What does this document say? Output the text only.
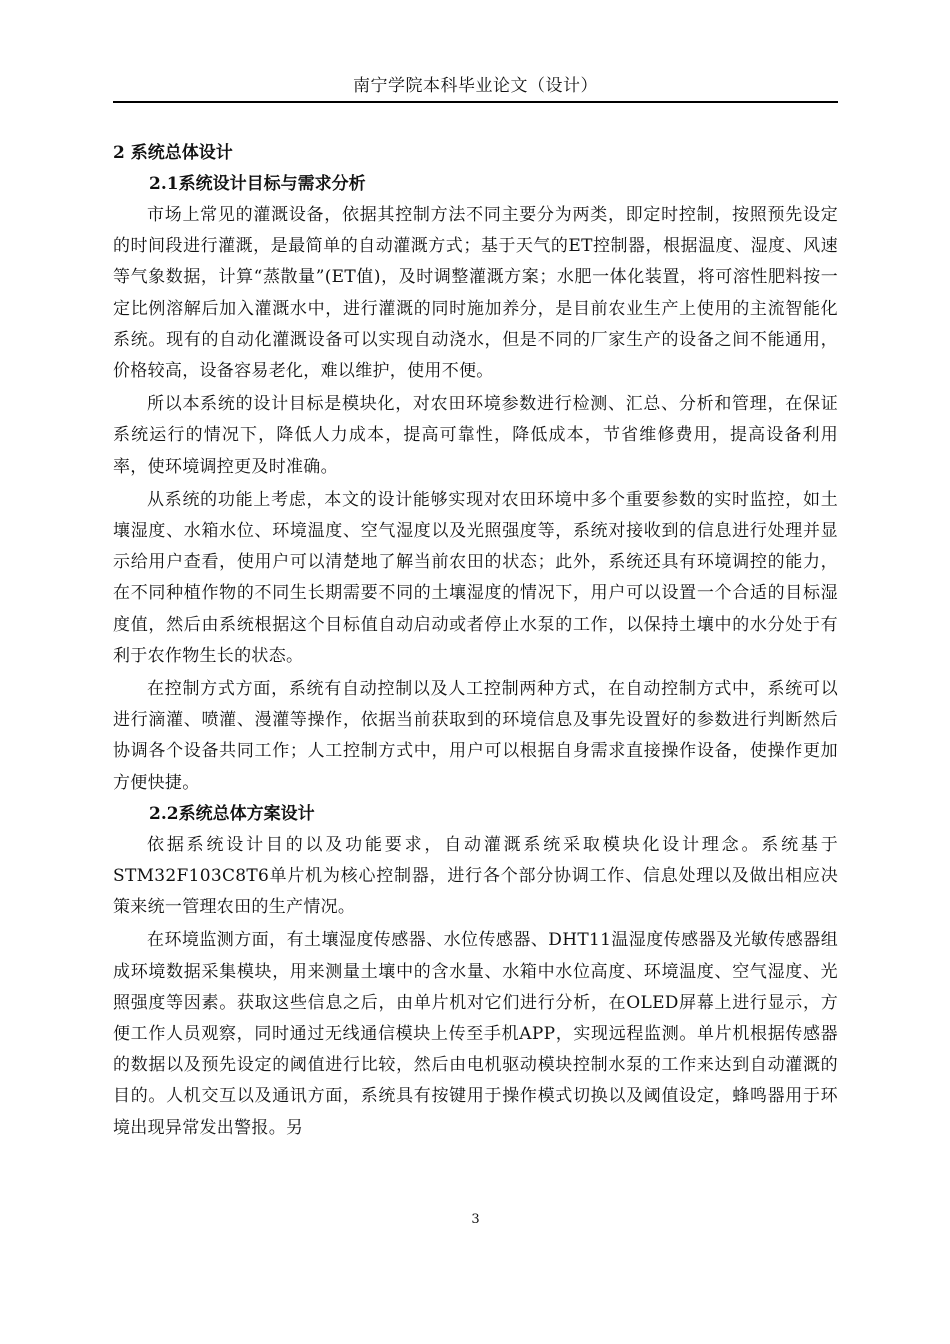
南宁学院本科毕业论文（设计）
2 系统总体设计
2.1系统设计目标与需求分析

市场上常见的灌溉设备，依据其控制方法不同主要分为两类，即定时控制，按照预先设定的时间段进行灌溉，是最简单的自动灌溉方式；基于天气的ET控制器，根据温度、湿度、风速等气象数据，计算“蒸散量”(ET值)，及时调整灌溉方案；水肥一体化装置，将可溶性肥料按一定比例溶解后加入灌溉水中，进行灌溉的同时施加养分，是目前农业生产上使用的主流智能化系统。现有的自动化灌溉设备可以实现自动浇水，但是不同的厂家生产的设备之间不能通用，价格较高，设备容易老化，难以维护，使用不便。

所以本系统的设计目标是模块化，对农田环境参数进行检测、汇总、分析和管理，在保证系统运行的情况下，降低人力成本，提高可靠性，降低成本，节省维修费用，提高设备利用率，使环境调控更及时准确。

从系统的功能上考虑，本文的设计能够实现对农田环境中多个重要参数的实时监控，如土壤湿度、水箱水位、环境温度、空气湿度以及光照强度等，系统对接收到的信息进行处理并显示给用户查看，使用户可以清楚地了解当前农田的状态；此外，系统还具有环境调控的能力，在不同种植作物的不同生长期需要不同的土壤湿度的情况下，用户可以设置一个合适的目标湿度值，然后由系统根据这个目标值自动启动或者停止水泵的工作，以保持土壤中的水分处于有利于农作物生长的状态。

在控制方式方面，系统有自动控制以及人工控制两种方式，在自动控制方式中，系统可以进行滴灌、喷灌、漫灌等操作，依据当前获取到的环境信息及事先设置好的参数进行判断然后协调各个设备共同工作；人工控制方式中，用户可以根据自身需求直接操作设备，使操作更加方便快捷。

2.2系统总体方案设计

依据系统设计目的以及功能要求，自动灌溉系统采取模块化设计理念。系统基于STM32F103C8T6单片机为核心控制器，进行各个部分协调工作、信息处理以及做出相应决策来统一管理农田的生产情况。

在环境监测方面，有土壤湿度传感器、水位传感器、DHT11温湿度传感器及光敏传感器组成环境数据采集模块，用来测量土壤中的含水量、水箱中水位高度、环境温度、空气湿度、光照强度等因素。获取这些信息之后，由单片机对它们进行分析，在OLED屏幕上进行显示，方便工作人员观察，同时通过无线通信模块上传至手机APP，实现远程监测。单片机根据传感器的数据以及预先设定的阈值进行比较，然后由电机驱动模块控制水泵的工作来达到自动灌溉的目的。人机交互以及通讯方面，系统具有按键用于操作模式切换以及阈值设定，蜂鸣器用于环境出现异常发出警报。另

3
